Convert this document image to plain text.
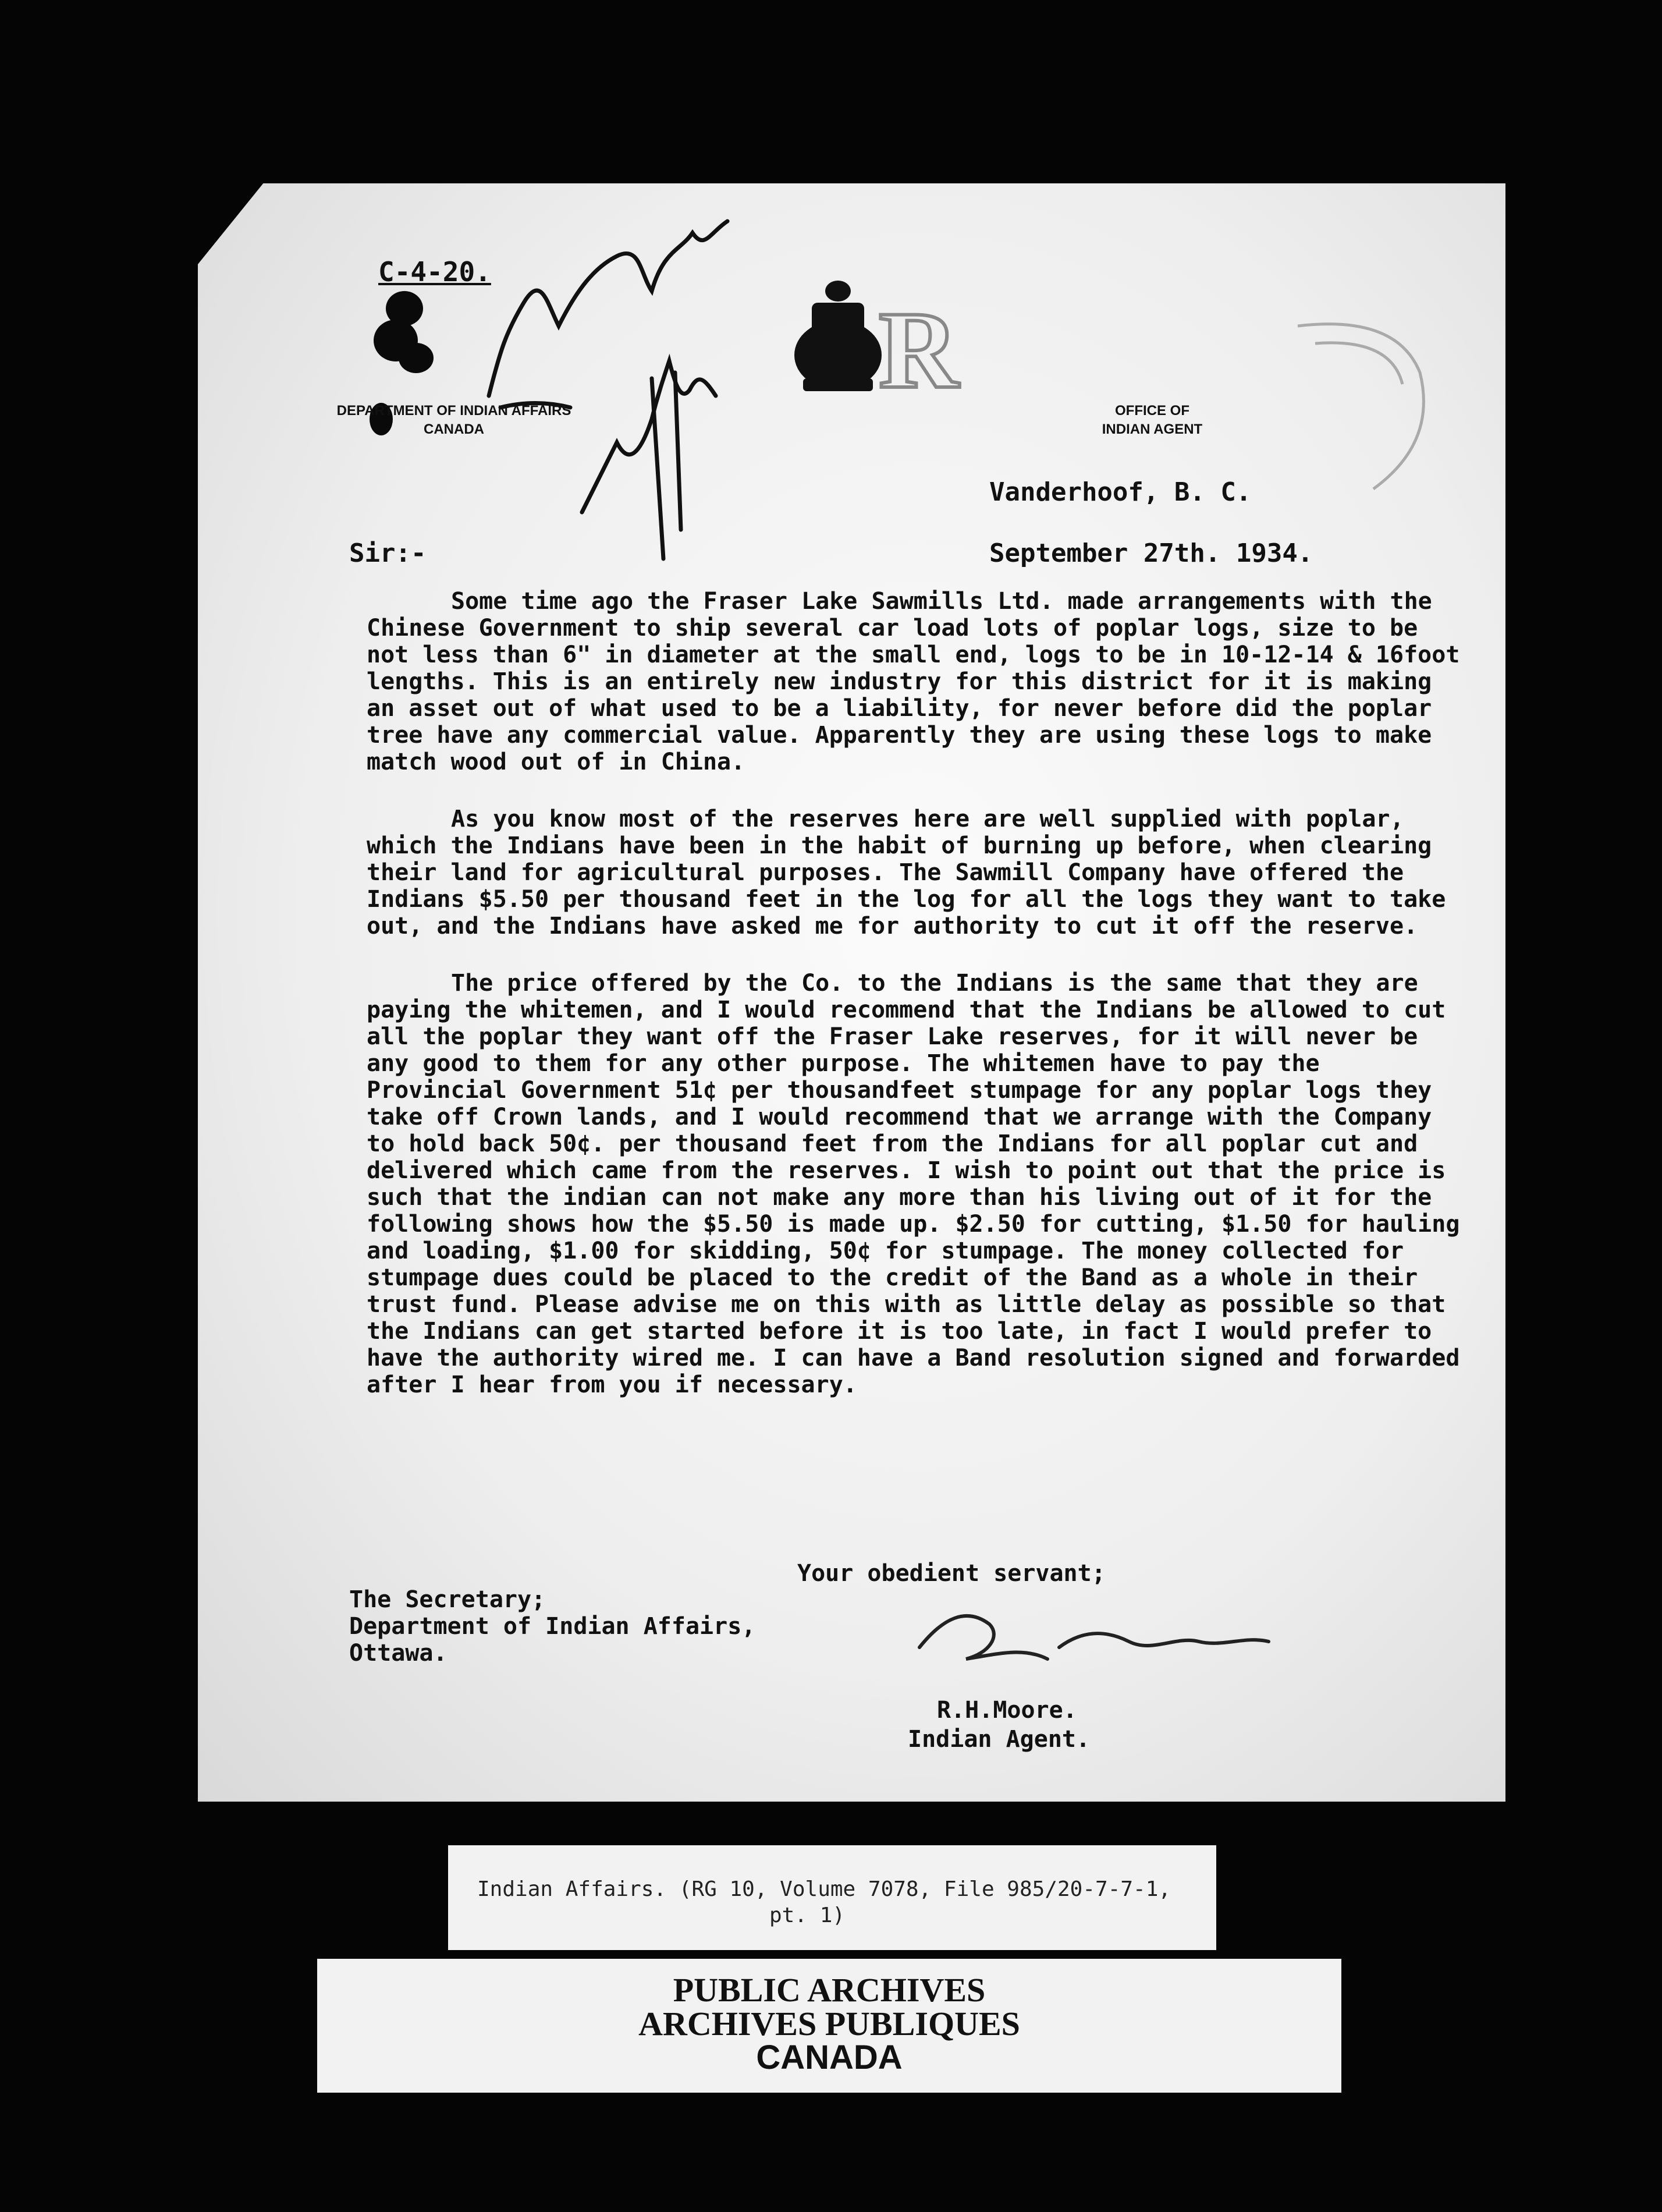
R
C-4-20.
DEPARTMENT OF INDIAN AFFAIRS
CANADA
OFFICE OF
INDIAN AGENT
Vanderhoof, B. C.
September 27th. 1934.
Sir:-

Some time ago the Fraser Lake Sawmills Ltd. made arrangements with the Chinese Government to ship several car load lots of poplar logs, size to be not less than 6" in diameter at the small end, logs to be in 10-12-14 & 16foot lengths. This is an entirely new industry for this district for it is making an asset out of what used to be a liability, for never before did the poplar tree have any commercial value. Apparently they are using these logs to make match wood out of in China.

As you know most of the reserves here are well supplied with poplar, which the Indians have been in the habit of burning up before, when clearing their land for agricultural purposes. The Sawmill Company have offered the Indians $5.50 per thousand feet in the log for all the logs they want to take out, and the Indians have asked me for authority to cut it off the reserve.

The price offered by the Co. to the Indians is the same that they are paying the whitemen, and I would recommend that the Indians be allowed to cut all the poplar they want off the Fraser Lake reserves, for it will never be any good to them for any other purpose. The whitemen have to pay the Provincial Government 51¢ per thousandfeet stumpage for any poplar logs they take off Crown lands, and I would recommend that we arrange with the Company to hold back 50¢. per thousand feet from the Indians for all poplar cut and delivered which came from the reserves. I wish to point out that the price is such that the indian can not make any more than his living out of it for the following shows how the $5.50 is made up. $2.50 for cutting, $1.50 for hauling and loading, $1.00 for skidding, 50¢ for stumpage. The money collected for stumpage dues could be placed to the credit of the Band as a whole in their trust fund. Please advise me on this with as little delay as possible so that the Indians can get started before it is too late, in fact I would prefer to have the authority wired me. I can have a Band resolution signed and forwarded after I hear from you if necessary.

Your obedient servant;
The Secretary;
Department of Indian Affairs,
Ottawa.
R.H.Moore.
Indian Agent.
Indian Affairs. (RG 10, Volume 7078, File 985/20-7-7-1,
pt. 1)
PUBLIC ARCHIVES
ARCHIVES PUBLIQUES
CANADA
